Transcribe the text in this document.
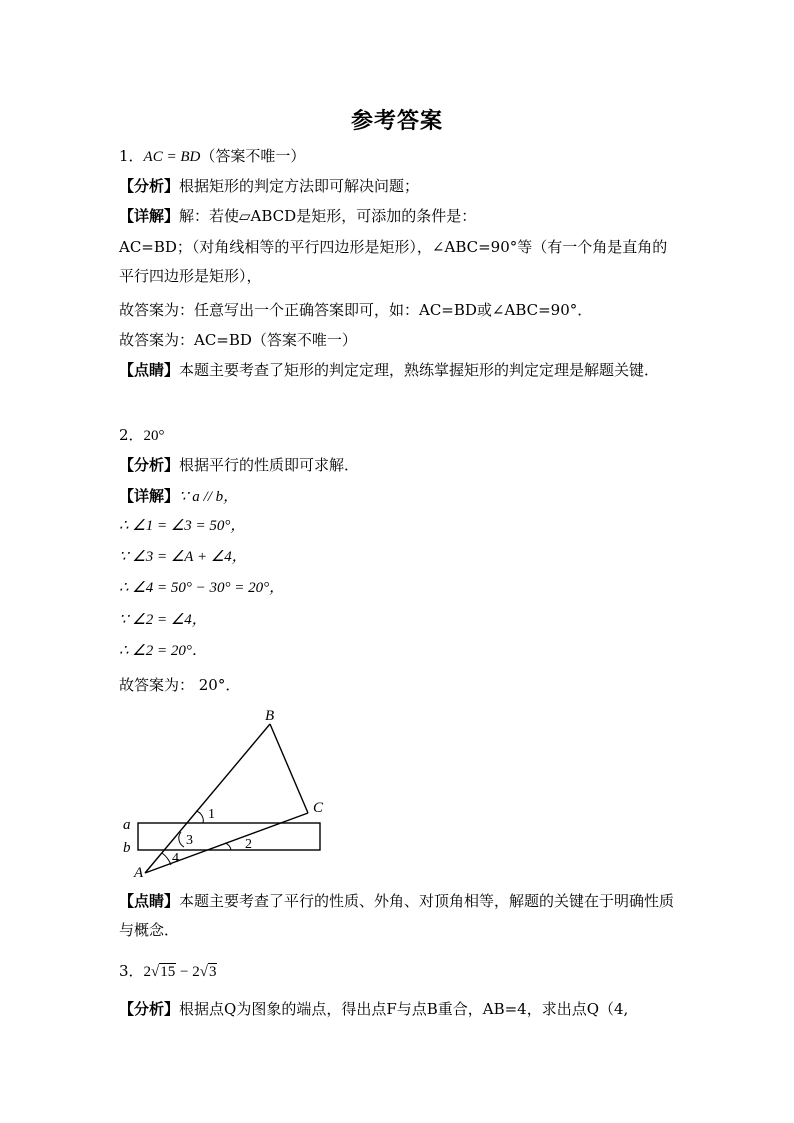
参考答案
1．AC = BD（答案不唯一）
【分析】根据矩形的判定方法即可解决问题；
【详解】解：若使▱ABCD是矩形，可添加的条件是：
AC=BD；（对角线相等的平行四边形是矩形），∠ABC=90°等（有一个角是直角的平行四边形是矩形），
故答案为：任意写出一个正确答案即可，如：AC=BD或∠ABC=90°．
故答案为：AC=BD（答案不唯一）
【点睛】本题主要考查了矩形的判定定理，熟练掌握矩形的判定定理是解题关键．
2．20°
【分析】根据平行的性质即可求解．
【详解】∵ a // b，
∴ ∠1 = ∠3 = 50°，
∵ ∠3 = ∠A + ∠4，
∴ ∠4 = 50° − 30° = 20°，
∵ ∠2 = ∠4，
∴ ∠2 = 20°．
故答案为： 20°．
B
C
A
a
b
1
3
4
2
【点睛】本题主要考查了平行的性质、外角、对顶角相等，解题的关键在于明确性质与概念．
3．2√15 − 2√3
【分析】根据点Q为图象的端点，得出点F与点B重合，AB=4，求出点Q（4,
